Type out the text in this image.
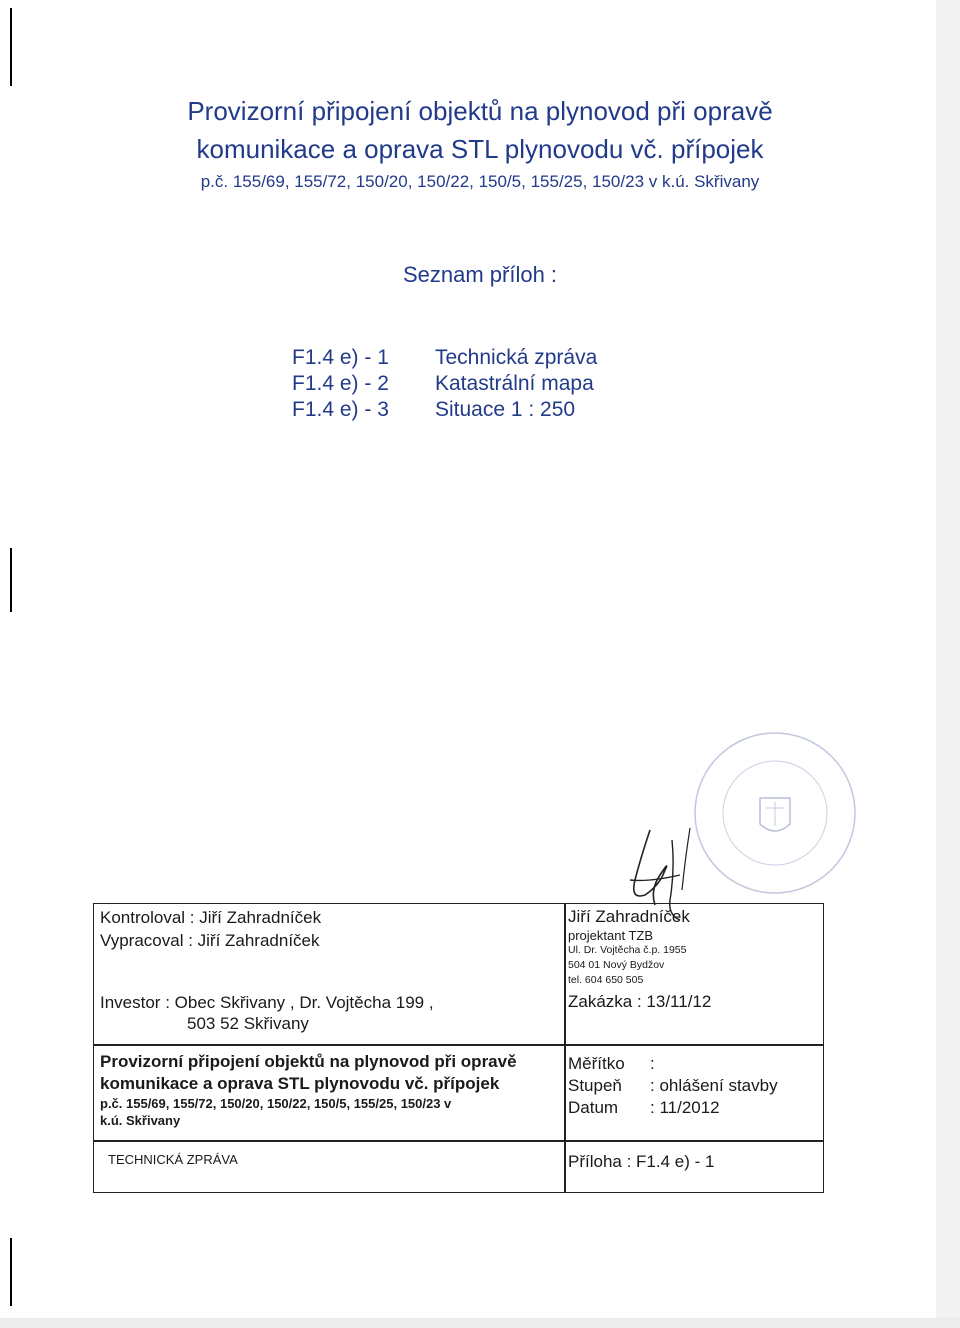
Provizorní připojení objektů na plynovod při opravě
komunikace a oprava STL plynovodu vč. přípojek
p.č. 155/69, 155/72, 150/20, 150/22, 150/5, 155/25, 150/23 v k.ú. Skřivany
Seznam příloh :
F1.4 e) - 1 Technická zpráva
F1.4 e) - 2 Katastrální mapa
F1.4 e) - 3 Situace 1 : 250
Kontroloval : Jiří Zahradníček
Vypracoval : Jiří Zahradníček
Investor : Obec Skřivany , Dr. Vojtěcha 199 ,
503 52 Skřivany
Provizorní připojení objektů na plynovod při opravě
komunikace a oprava STL plynovodu vč. přípojek
p.č. 155/69, 155/72, 150/20, 150/22, 150/5, 155/25, 150/23 v
k.ú. Skřivany
TECHNICKÁ ZPRÁVA
Jiří Zahradníček
projektant TZB
Ul. Dr. Vojtěcha č.p. 1955
504 01 Nový Bydžov
tel. 604 650 505
Zakázka : 13/11/12
Měřítko :
Stupeň : ohlášení stavby
Datum : 11/2012
Příloha : F1.4 e) - 1
